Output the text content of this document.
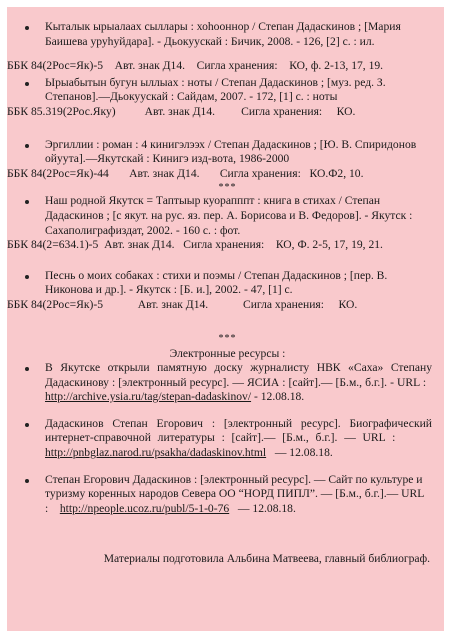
Кыталык ырыалаах сыллары : хоһооннор / Степан Дадаскинов ; [Мария Баишева уруһуйдара]. - Дьокуускай : Бичик, 2008. - 126, [2] с. : ил.
ББК 84(2Рос=Як)-5 Авт. знак Д14. Сигла хранения: КО, ф. 2-13, 17, 19.
Ырыабытын бугун ыллыах : ноты / Степан Дадаскинов ; [муз. ред. З. Степанов].—Дьокуускай : Сайдам, 2007. - 172, [1] с. : ноты
ББК 85.319(2Рос.Яку) Авт. знак Д14. Сигла хранения: КО.
Эргиллии : роман : 4 кинигэлээх / Степан Дадаскинов ; [Ю. В. Спиридонов ойуута].—Якутскай : Кинигэ изд-вота, 1986-2000
ББК 84(2Рос=Як)-44 Авт. знак Д14. Сигла хранения: КО.Ф2, 10.
***
Наш родной Якутск = Таптыыр куорапппт : книга в стихах / Степан Дадаскинов ; [с якут. на рус. яз. пер. А. Борисова и В. Федоров]. - Якутск : Сахаполиграфиздат, 2002. - 160 с. : фот.
ББК 84(2=634.1)-5 Авт. знак Д14. Сигла хранения: КО, Ф. 2-5, 17, 19, 21.
Песнь о моих собаках : стихи и поэмы / Степан Дадаскинов ; [пер. В. Никонова и др.]. - Якутск : [Б. и.], 2002. - 47, [1] с.
ББК 84(2Рос=Як)-5	Авт. знак Д14.	Сигла хранения: КО.
***
Электронные ресурсы :
В Якутске открыли памятную доску журналисту НВК «Саха» Степану Дадаскинову : [электронный ресурс]. — ЯСИА : [сайт].— [Б.м., б.г.]. - URL :   http://archive.ysia.ru/tag/stepan-dadaskinov/ - 12.08.18.
Дадаскинов Степан Егорович : [электронный ресурс]. Биографический интернет-справочной литературы : [сайт].— [Б.м., б.г.]. — URL :       http://pnbglaz.narod.ru/psakha/dadaskinov.html — 12.08.18.
Степан Егорович Дадаскинов : [электронный ресурс]. — Сайт по культуре и туризму коренных народов Севера ОО “НОРД ПИПЛ”. — [Б.м., б.г.].— URL : http://npeople.ucoz.ru/publ/5-1-0-76 — 12.08.18.
Материалы подготовила Альбина Матвеева, главный библиограф.
